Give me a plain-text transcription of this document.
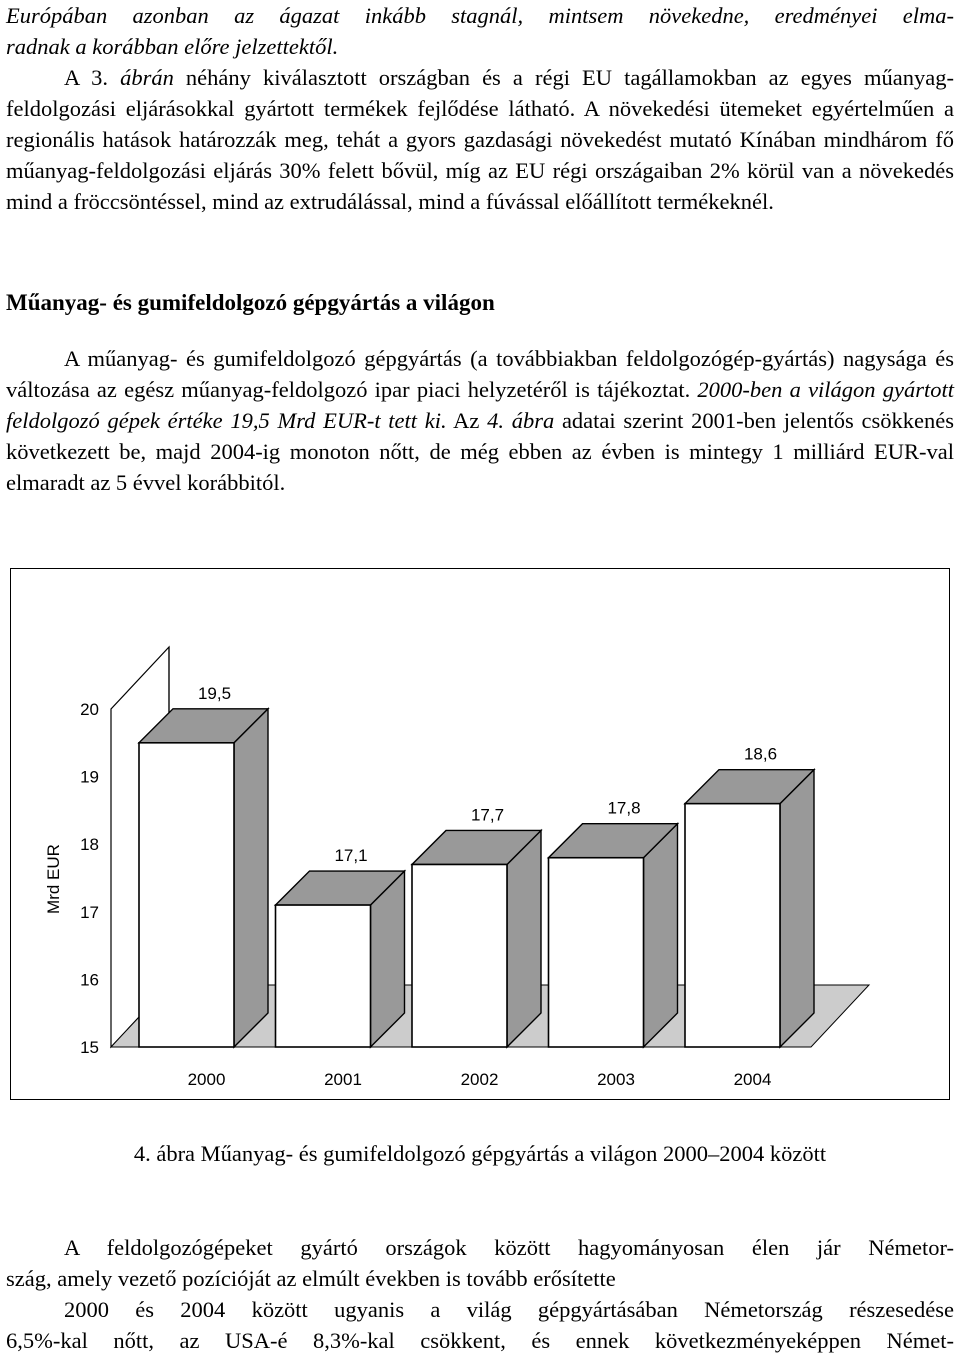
Európában azonban az ágazat inkább stagnál, mintsem növekedne, eredményei elma-

radnak a korábban előre jelzettektől.

A 3. ábrán néhány kiválasztott országban és a régi EU tagállamokban az egyes műanyag-feldolgozási eljárásokkal gyártott termékek fejlődése látható. A növekedési ütemeket egyértelműen a regionális hatások határozzák meg, tehát a gyors gazdasági növekedést mutató Kínában mindhárom fő műanyag-feldolgozási eljárás 30% felett bővül, míg az EU régi országaiban 2% körül van a növekedés mind a fröccsöntéssel, mind az extrudálással, mind a fúvással előállított termékeknél.

Műanyag- és gumifeldolgozó gépgyártás a világon

A műanyag- és gumifeldolgozó gépgyártás (a továbbiakban feldolgozógép-gyártás) nagysága és változása az egész műanyag-feldolgozó ipar piaci helyzetéről is tájékoztat. 2000-ben a világon gyártott feldolgozó gépek értéke 19,5 Mrd EUR-t tett ki. Az 4. ábra adatai szerint 2001-ben jelentős csökkenés következett be, majd 2004-ig monoton nőtt, de még ebben az évben is mintegy 1 milliárd EUR-val elmaradt az 5 évvel korábbitól.

15
16
17
18
19
20
Mrd EUR
19,5
2000
17,1
2001
17,7
2002
17,8
2003
18,6
2004
4. ábra Műanyag- és gumifeldolgozó gépgyártás a világon 2000–2004 között

A feldolgozógépeket gyártó országok között hagyományosan élen jár Németor-

szág, amely vezető pozícióját az elmúlt években is tovább erősítette

2000 és 2004 között ugyanis a világ gépgyártásában Németország részesedése

6,5%-kal nőtt, az USA-é 8,3%-kal csökkent, és ennek következményeképpen Német-
